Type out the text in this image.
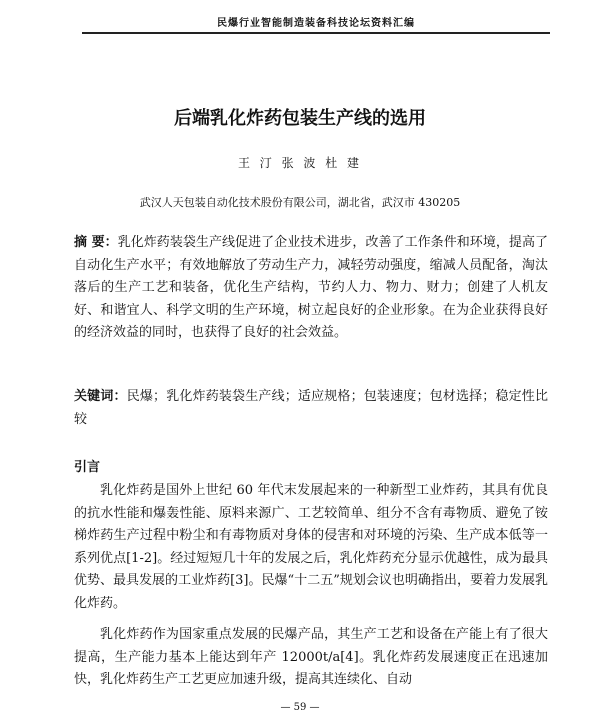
民爆行业智能制造装备科技论坛资料汇编
后端乳化炸药包装生产线的选用
王 汀 张 波 杜 建
武汉人天包装自动化技术股份有限公司，湖北省，武汉市 430205
摘 要：乳化炸药装袋生产线促进了企业技术进步，改善了工作条件和环境，提高了自动化生产水平；有效地解放了劳动生产力，减轻劳动强度，缩减人员配备，淘汰落后的生产工艺和装备，优化生产结构，节约人力、物力、财力；创建了人机友好、和谐宜人、科学文明的生产环境，树立起良好的企业形象。在为企业获得良好的经济效益的同时，也获得了良好的社会效益。
关键词：民爆；乳化炸药装袋生产线；适应规格；包装速度；包材选择；稳定性比较
引言
乳化炸药是国外上世纪 60 年代末发展起来的一种新型工业炸药，其具有优良的抗水性能和爆轰性能、原料来源广、工艺较简单、组分不含有毒物质、避免了铵梯炸药生产过程中粉尘和有毒物质对身体的侵害和对环境的污染、生产成本低等一系列优点[1-2]。经过短短几十年的发展之后，乳化炸药充分显示优越性，成为最具优势、最具发展的工业炸药[3]。民爆“十二五”规划会议也明确指出，要着力发展乳化炸药。
乳化炸药作为国家重点发展的民爆产品，其生产工艺和设备在产能上有了很大提高，生产能力基本上能达到年产 12000t/a[4]。乳化炸药发展速度正在迅速加快，乳化炸药生产工艺更应加速升级，提高其连续化、自动
— 59 —
